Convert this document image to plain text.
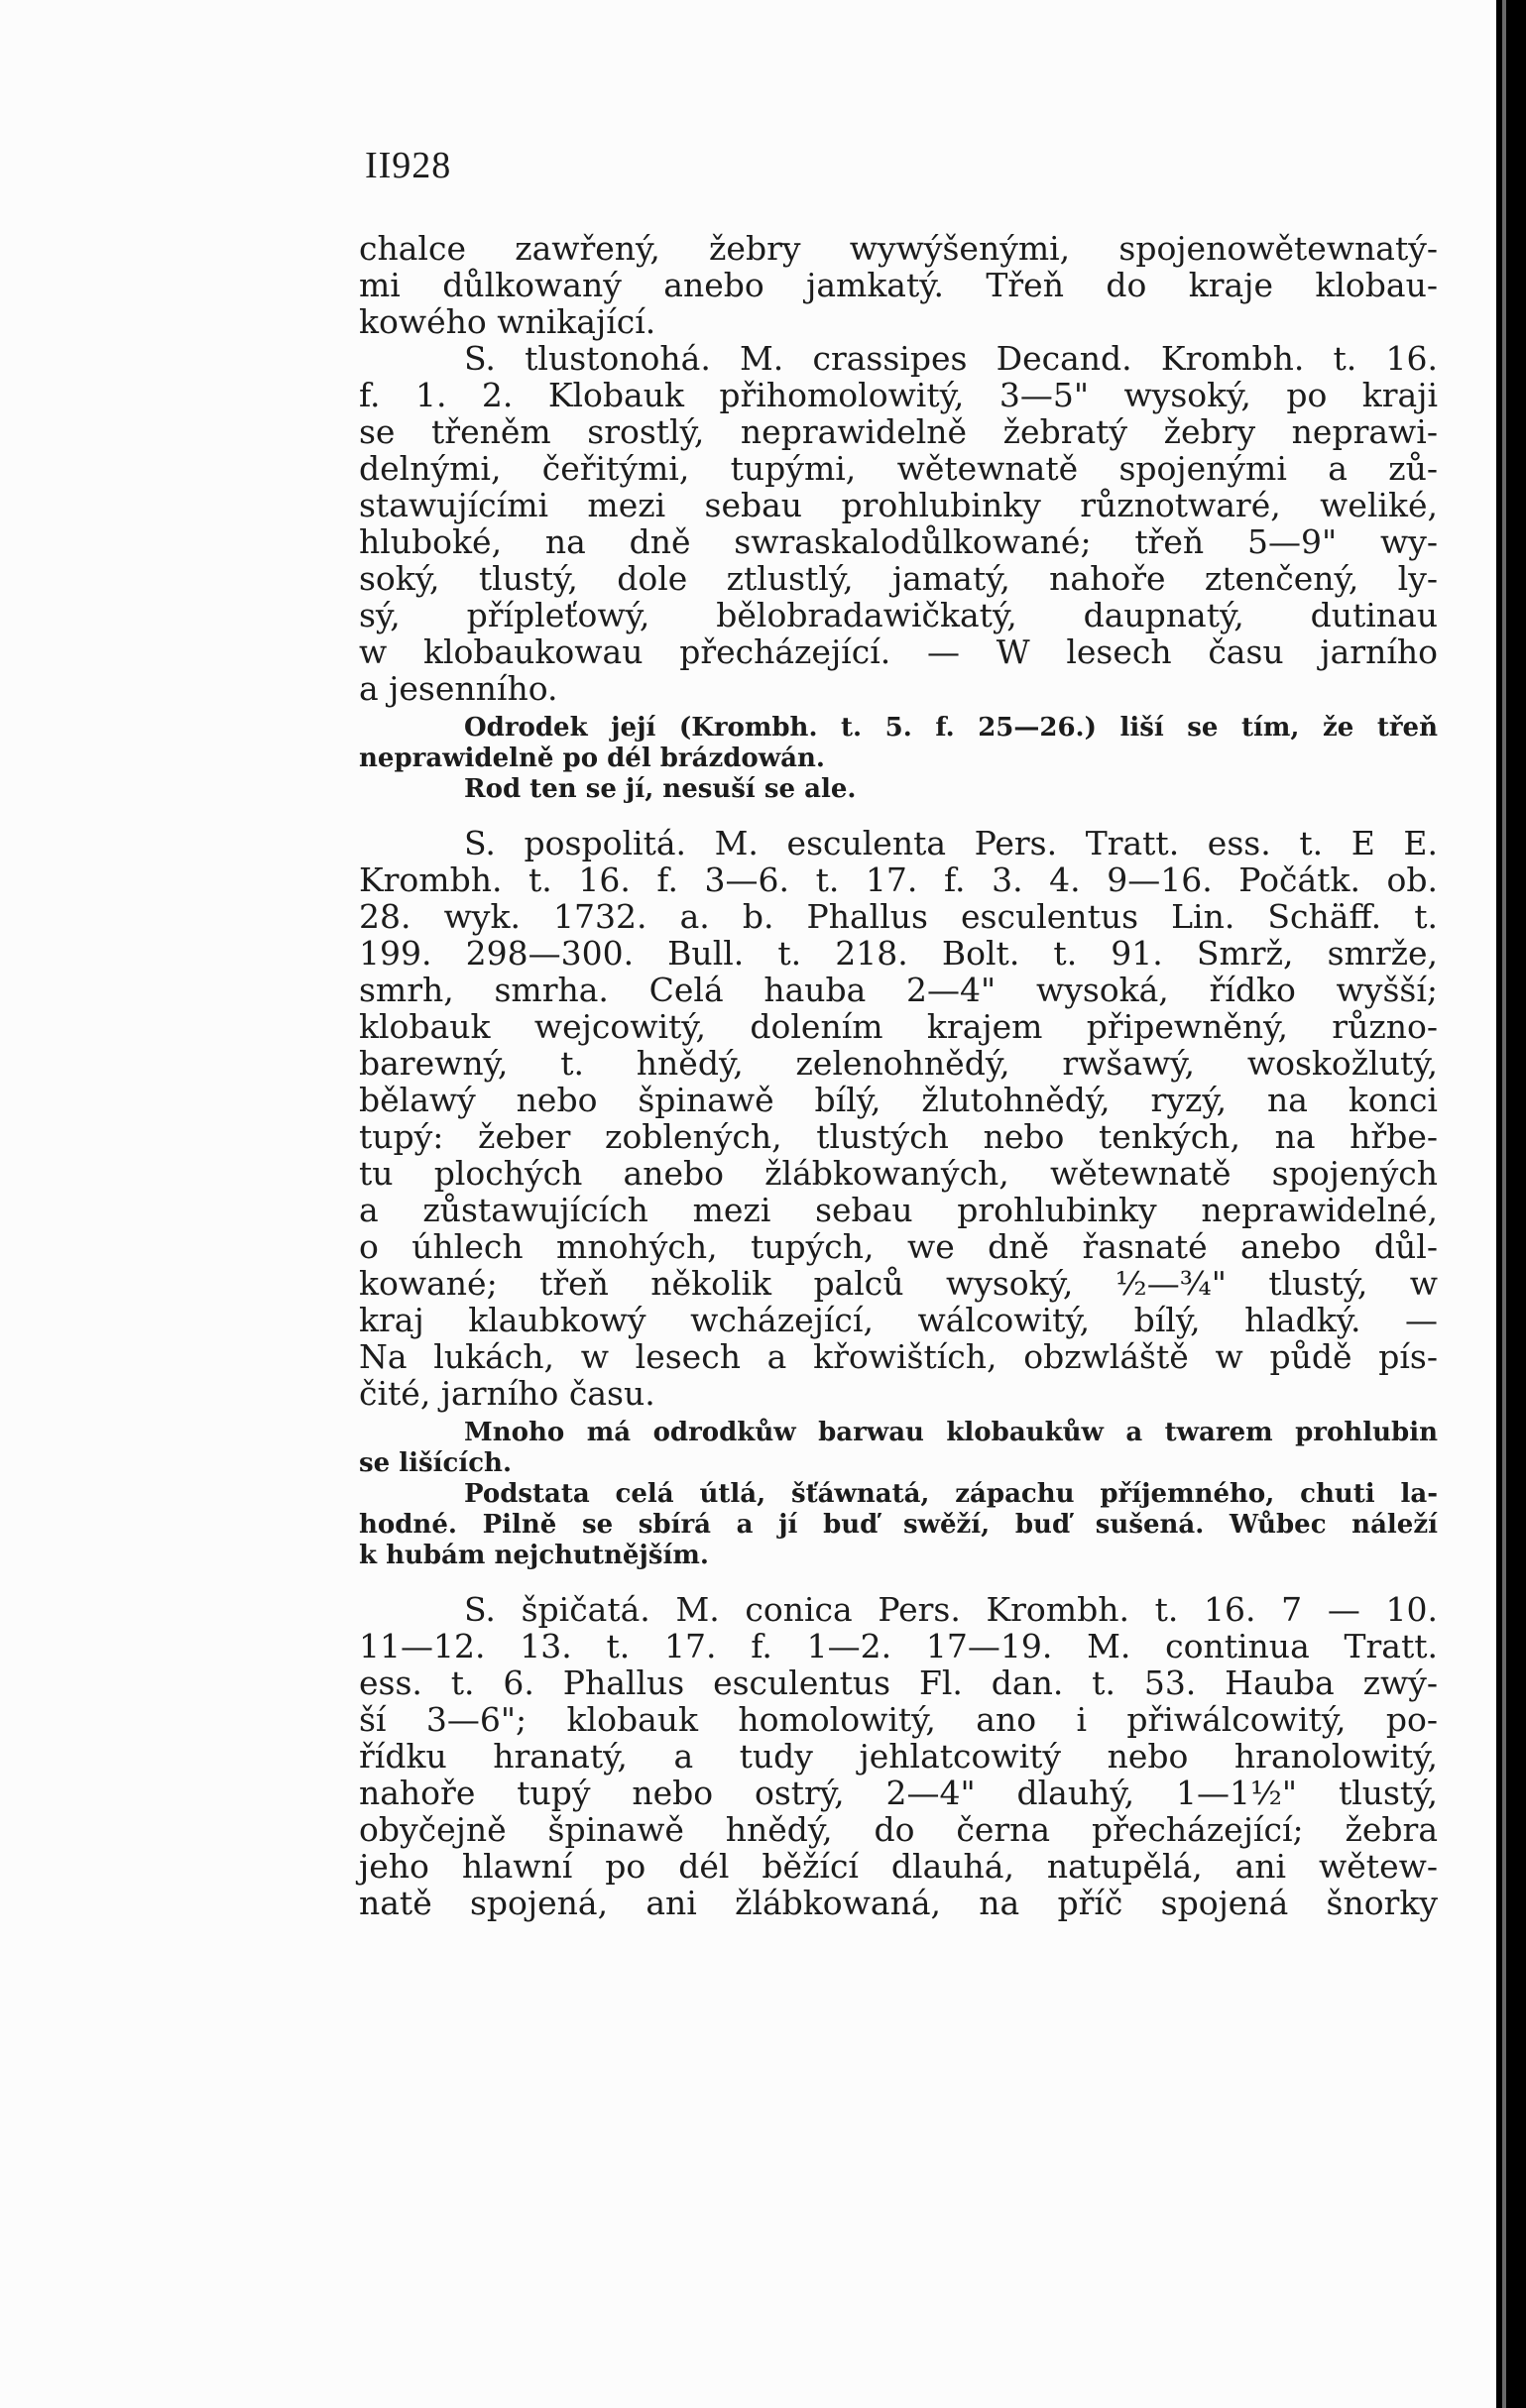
II928
chalce zawřený, žebry wywýšenými, spojenowětewnatý-
mi důlkowaný anebo jamkatý. Třeň do kraje klobau-
kowého wnikající.
S. tlustonohá. M. crassipes Decand. Krombh. t. 16.
f. 1. 2. Klobauk přihomolowitý, 3—5" wysoký, po kraji
se třeněm srostlý, neprawidelně žebratý žebry neprawi-
delnými, čeřitými, tupými, wětewnatě spojenými a zů-
stawujícími mezi sebau prohlubinky různotwaré, weliké,
hluboké, na dně swraskalodůlkowané; třeň 5—9" wy-
soký, tlustý, dole ztlustlý, jamatý, nahoře ztenčený, ly-
sý, přípleťowý, bělobradawičkatý, daupnatý, dutinau
w klobaukowau přecházející. — W lesech času jarního
a jesenního.
Odrodek její (Krombh. t. 5. f. 25—26.) liší se tím, že třeň
neprawidelně po dél brázdowán.
Rod ten se jí, nesuší se ale.
S. pospolitá. M. esculenta Pers. Tratt. ess. t. E E.
Krombh. t. 16. f. 3—6. t. 17. f. 3. 4. 9—16. Počátk. ob.
28. wyk. 1732. a. b. Phallus esculentus Lin. Schäff. t.
199. 298—300. Bull. t. 218. Bolt. t. 91. Smrž, smrže,
smrh, smrha. Celá hauba 2—4" wysoká, řídko wyšší;
klobauk wejcowitý, dolením krajem připewněný, různo-
barewný, t. hnědý, zelenohnědý, rwšawý, woskožlutý,
bělawý nebo špinawě bílý, žlutohnědý, ryzý, na konci
tupý: žeber zoblených, tlustých nebo tenkých, na hřbe-
tu plochých anebo žlábkowaných, wětewnatě spojených
a zůstawujících mezi sebau prohlubinky neprawidelné,
o úhlech mnohých, tupých, we dně řasnaté anebo důl-
kowané; třeň několik palců wysoký, ½—¾" tlustý, w
kraj klaubkowý wcházející, wálcowitý, bílý, hladký. —
Na lukách, w lesech a křowištích, obzwláště w půdě pís-
čité, jarního času.
Mnoho má odrodkůw barwau klobaukůw a twarem prohlubin
se lišících.
Podstata celá útlá, šťáwnatá, zápachu příjemného, chuti la-
hodné. Pilně se sbírá a jí buď swěží, buď sušená. Wůbec náleží
k hubám nejchutnějším.
S. špičatá. M. conica Pers. Krombh. t. 16. 7 — 10.
11—12. 13. t. 17. f. 1—2. 17—19. M. continua Tratt.
ess. t. 6. Phallus esculentus Fl. dan. t. 53. Hauba zwý-
ší 3—6"; klobauk homolowitý, ano i přiwálcowitý, po-
řídku hranatý, a tudy jehlatcowitý nebo hranolowitý,
nahoře tupý nebo ostrý, 2—4" dlauhý, 1—1½" tlustý,
obyčejně špinawě hnědý, do černa přecházející; žebra
jeho hlawní po dél běžící dlauhá, natupělá, ani wětew-
natě spojená, ani žlábkowaná, na příč spojená šnorky
